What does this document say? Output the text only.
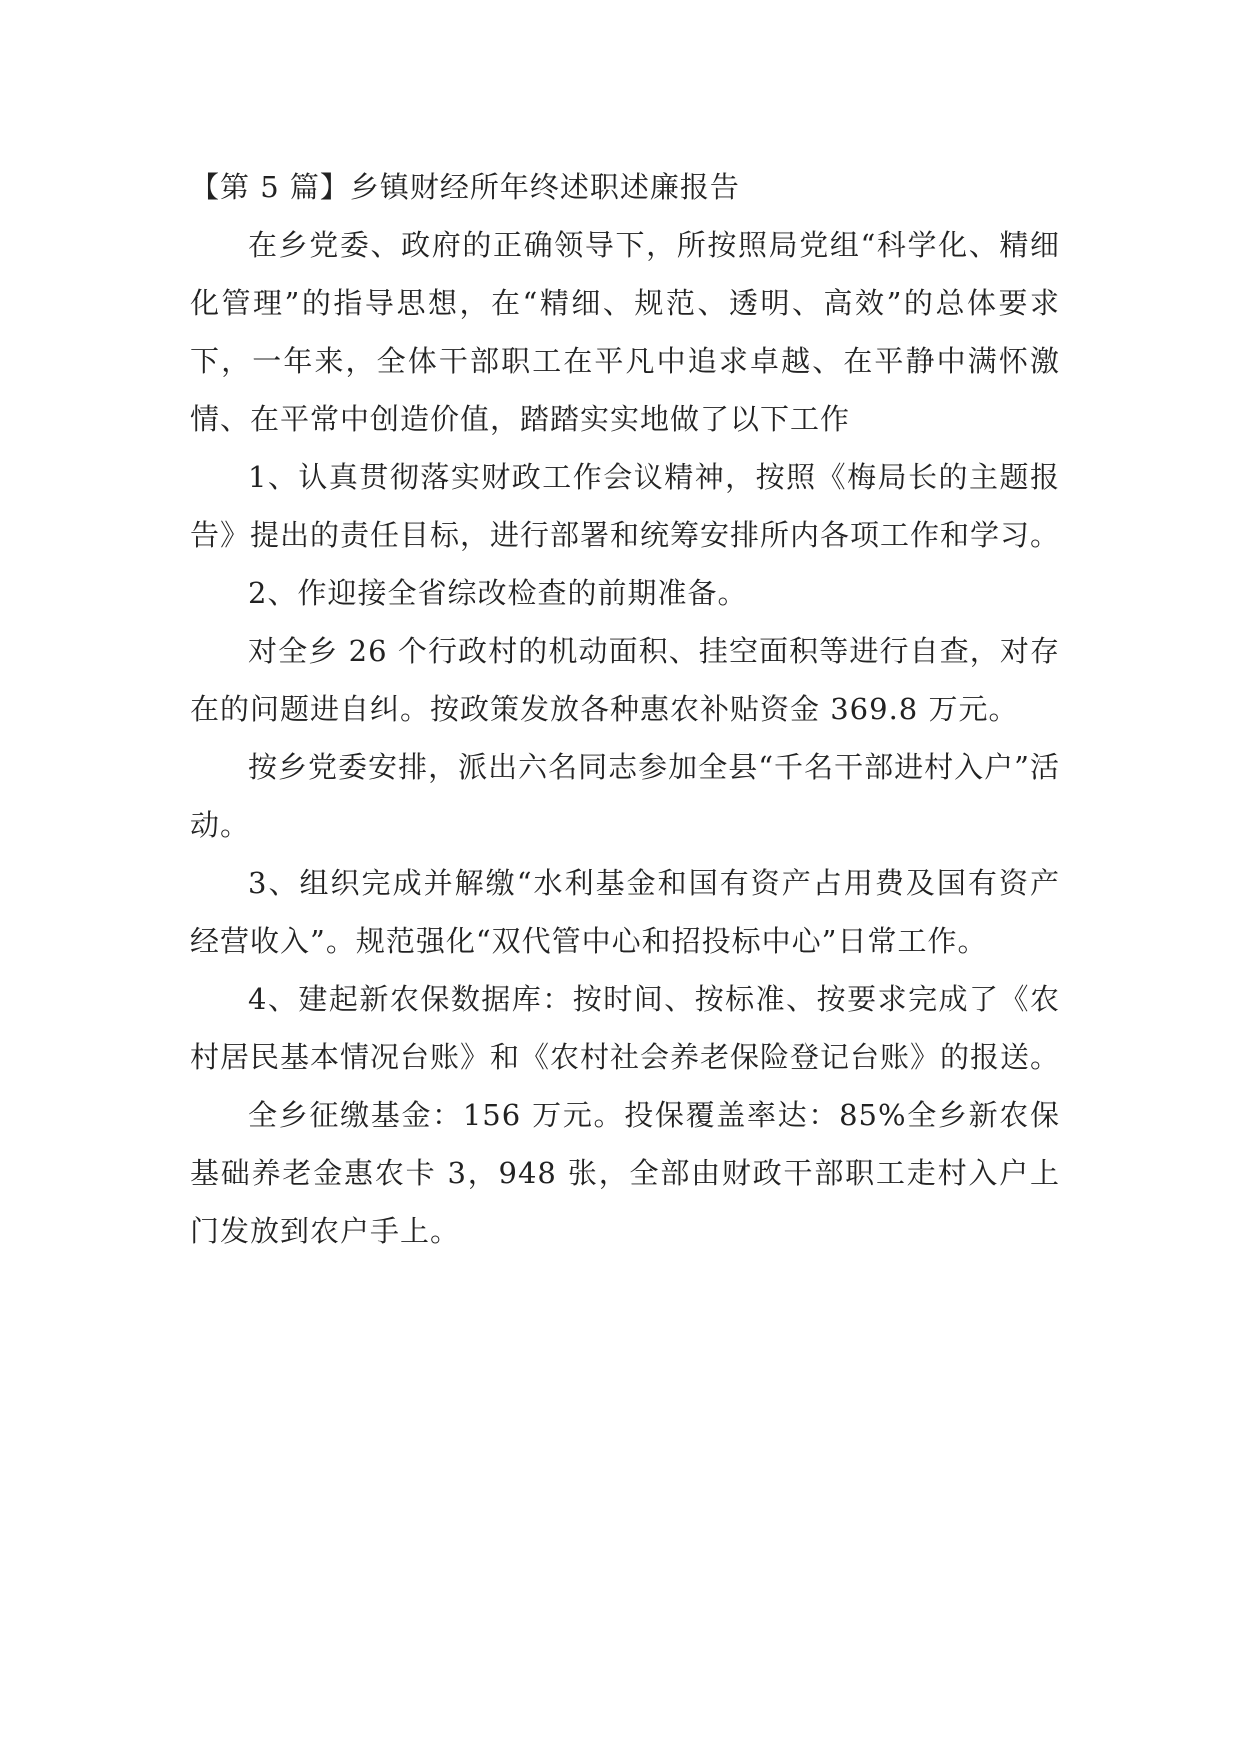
【第 5 篇】乡镇财经所年终述职述廉报告

在乡党委、政府的正确领导下，所按照局党组“科学化、精细化管理”的指导思想，在“精细、规范、透明、高效”的总体要求下，一年来，全体干部职工在平凡中追求卓越、在平静中满怀激情、在平常中创造价值，踏踏实实地做了以下工作

1、认真贯彻落实财政工作会议精神，按照《梅局长的主题报告》提出的责任目标，进行部署和统筹安排所内各项工作和学习。

2、作迎接全省综改检查的前期准备。

对全乡 26 个行政村的机动面积、挂空面积等进行自查，对存在的问题进自纠。按政策发放各种惠农补贴资金 369.8 万元。

按乡党委安排，派出六名同志参加全县“千名干部进村入户”活动。

3、组织完成并解缴“水利基金和国有资产占用费及国有资产经营收入”。规范强化“双代管中心和招投标中心”日常工作。

4、建起新农保数据库：按时间、按标准、按要求完成了《农村居民基本情况台账》和《农村社会养老保险登记台账》的报送。

全乡征缴基金：156 万元。投保覆盖率达：85%全乡新农保基础养老金惠农卡 3，948 张，全部由财政干部职工走村入户上门发放到农户手上。
